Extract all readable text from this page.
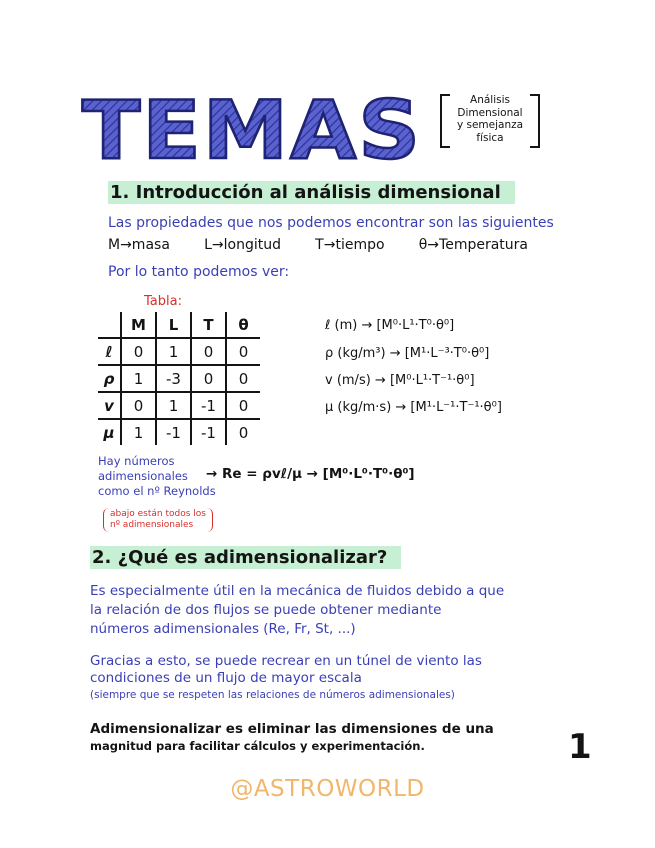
TEMAS	Análisis
Dimensional
y semejanza
física
1. Introducción al análisis dimensional
Las propiedades que nos podemos encontrar son las siguientes
M→masa L→longitud T→tiempo θ→Temperatura
Por lo tanto podemos ver:
Tabla:
	M	L	T	θ
ℓ	0	1	0	0
ρ	1	-3	0	0
v	0	1	-1	0
μ	1	-1	-1	0
ℓ (m) → [M⁰·L¹·T⁰·θ⁰]
ρ (kg/m³) → [M¹·L⁻³·T⁰·θ⁰]
v (m/s) → [M⁰·L¹·T⁻¹·θ⁰]
μ (kg/m·s) → [M¹·L⁻¹·T⁻¹·θ⁰]
Hay números
adimensionales
como el nº Reynolds
→ Re = ρvℓ/μ → [M⁰·L⁰·T⁰·θ⁰]
abajo están todos los
nº adimensionales
2. ¿Qué es adimensionalizar?
Es especialmente útil en la mecánica de fluidos debido a que
la relación de dos flujos se puede obtener mediante
números adimensionales (Re, Fr, St, ...)
Gracias a esto, se puede recrear en un túnel de viento las
condiciones de un flujo de mayor escala
(siempre que se respeten las relaciones de números adimensionales)
Adimensionalizar es eliminar las dimensiones de una
magnitud para facilitar cálculos y experimentación.	1
@ASTROWORLD
